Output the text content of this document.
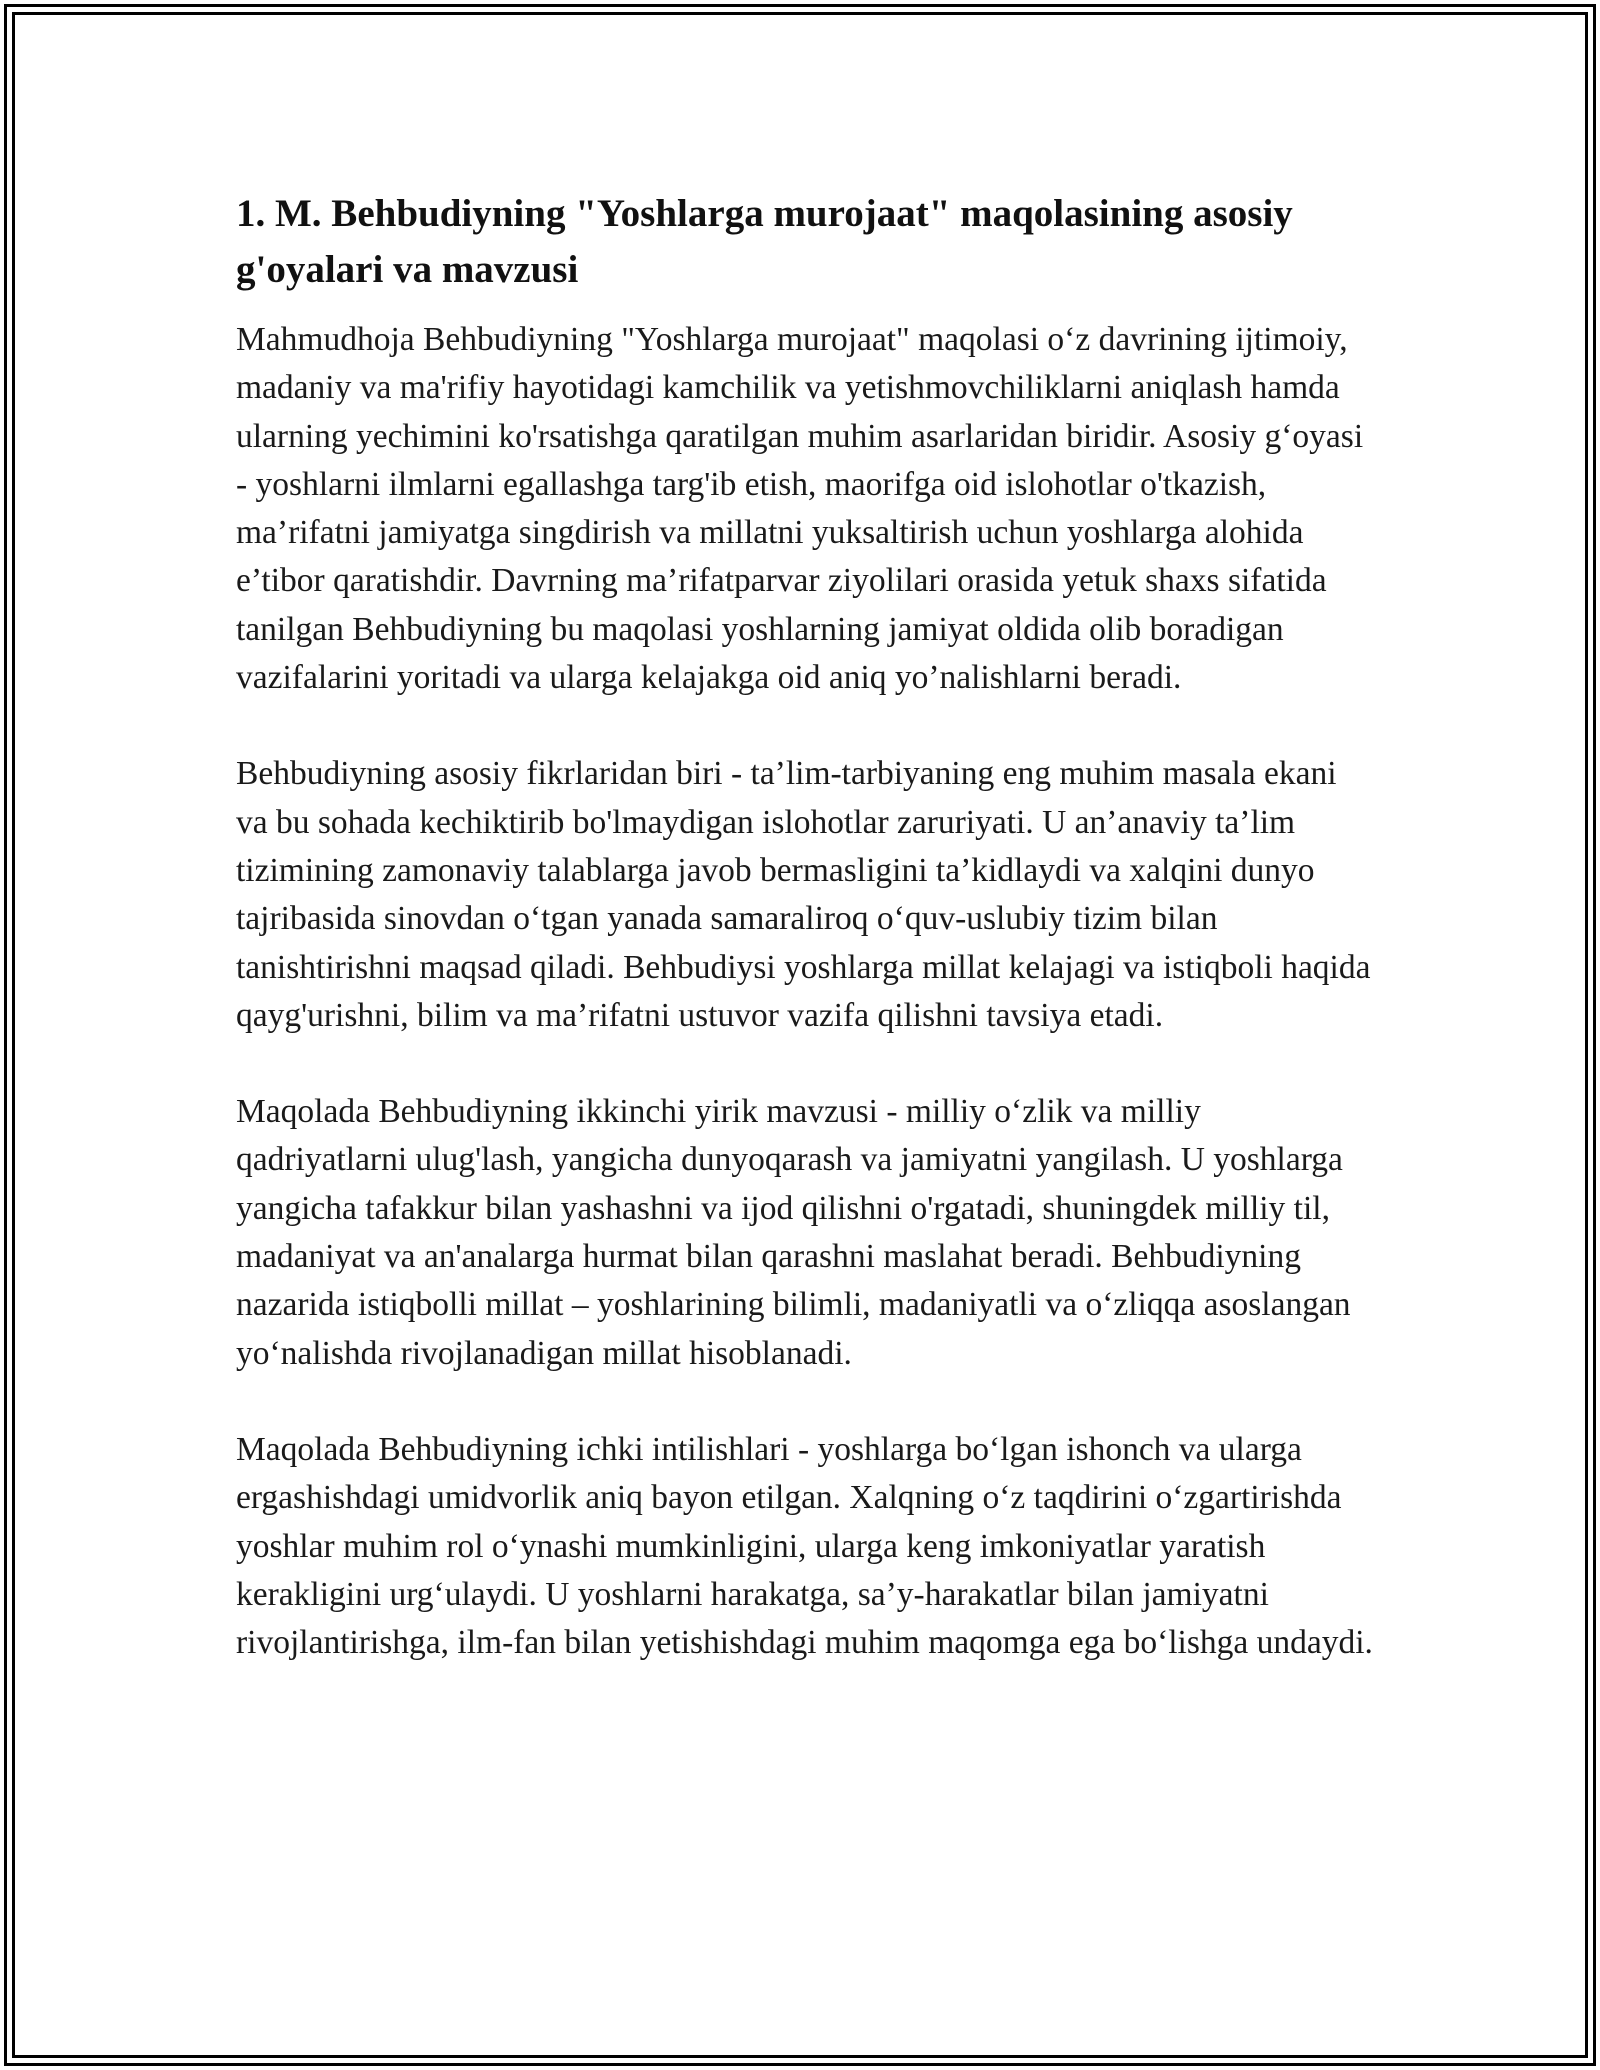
1. M. Behbudiyning "Yoshlarga murojaat" maqolasining asosiy g'oyalari va mavzusi

Mahmudhoja Behbudiyning "Yoshlarga murojaat" maqolasi o‘z davrining ijtimoiy, madaniy va ma'rifiy hayotidagi kamchilik va yetishmovchiliklarni aniqlash hamda ularning yechimini ko'rsatishga qaratilgan muhim asarlaridan biridir. Asosiy g‘oyasi - yoshlarni ilmlarni egallashga targ'ib etish, maorifga oid islohotlar o'tkazish, ma’rifatni jamiyatga singdirish va millatni yuksaltirish uchun yoshlarga alohida e’tibor qaratishdir. Davrning ma’rifatparvar ziyolilari orasida yetuk shaxs sifatida tanilgan Behbudiyning bu maqolasi yoshlarning jamiyat oldida olib boradigan vazifalarini yoritadi va ularga kelajakga oid aniq yo’nalishlarni beradi.

Behbudiyning asosiy fikrlaridan biri - ta’lim-tarbiyaning eng muhim masala ekani va bu sohada kechiktirib bo'lmaydigan islohotlar zaruriyati. U an’anaviy ta’lim tizimining zamonaviy talablarga javob bermasligini ta’kidlaydi va xalqini dunyo tajribasida sinovdan o‘tgan yanada samaraliroq o‘quv-uslubiy tizim bilan tanishtirishni maqsad qiladi. Behbudiysi yoshlarga millat kelajagi va istiqboli haqida qayg'urishni, bilim va ma’rifatni ustuvor vazifa qilishni tavsiya etadi.

Maqolada Behbudiyning ikkinchi yirik mavzusi - milliy o‘zlik va milliy qadriyatlarni ulug'lash, yangicha dunyoqarash va jamiyatni yangilash. U yoshlarga yangicha tafakkur bilan yashashni va ijod qilishni o'rgatadi, shuningdek milliy til, madaniyat va an'analarga hurmat bilan qarashni maslahat beradi. Behbudiyning nazarida istiqbolli millat – yoshlarining bilimli, madaniyatli va o‘zliqqa asoslangan yo‘nalishda rivojlanadigan millat hisoblanadi.

Maqolada Behbudiyning ichki intilishlari - yoshlarga bo‘lgan ishonch va ularga ergashishdagi umidvorlik aniq bayon etilgan. Xalqning o‘z taqdirini o‘zgartirishda yoshlar muhim rol o‘ynashi mumkinligini, ularga keng imkoniyatlar yaratish kerakligini urg‘ulaydi. U yoshlarni harakatga, sa’y-harakatlar bilan jamiyatni rivojlantirishga, ilm-fan bilan yetishishdagi muhim maqomga ega bo‘lishga undaydi.
